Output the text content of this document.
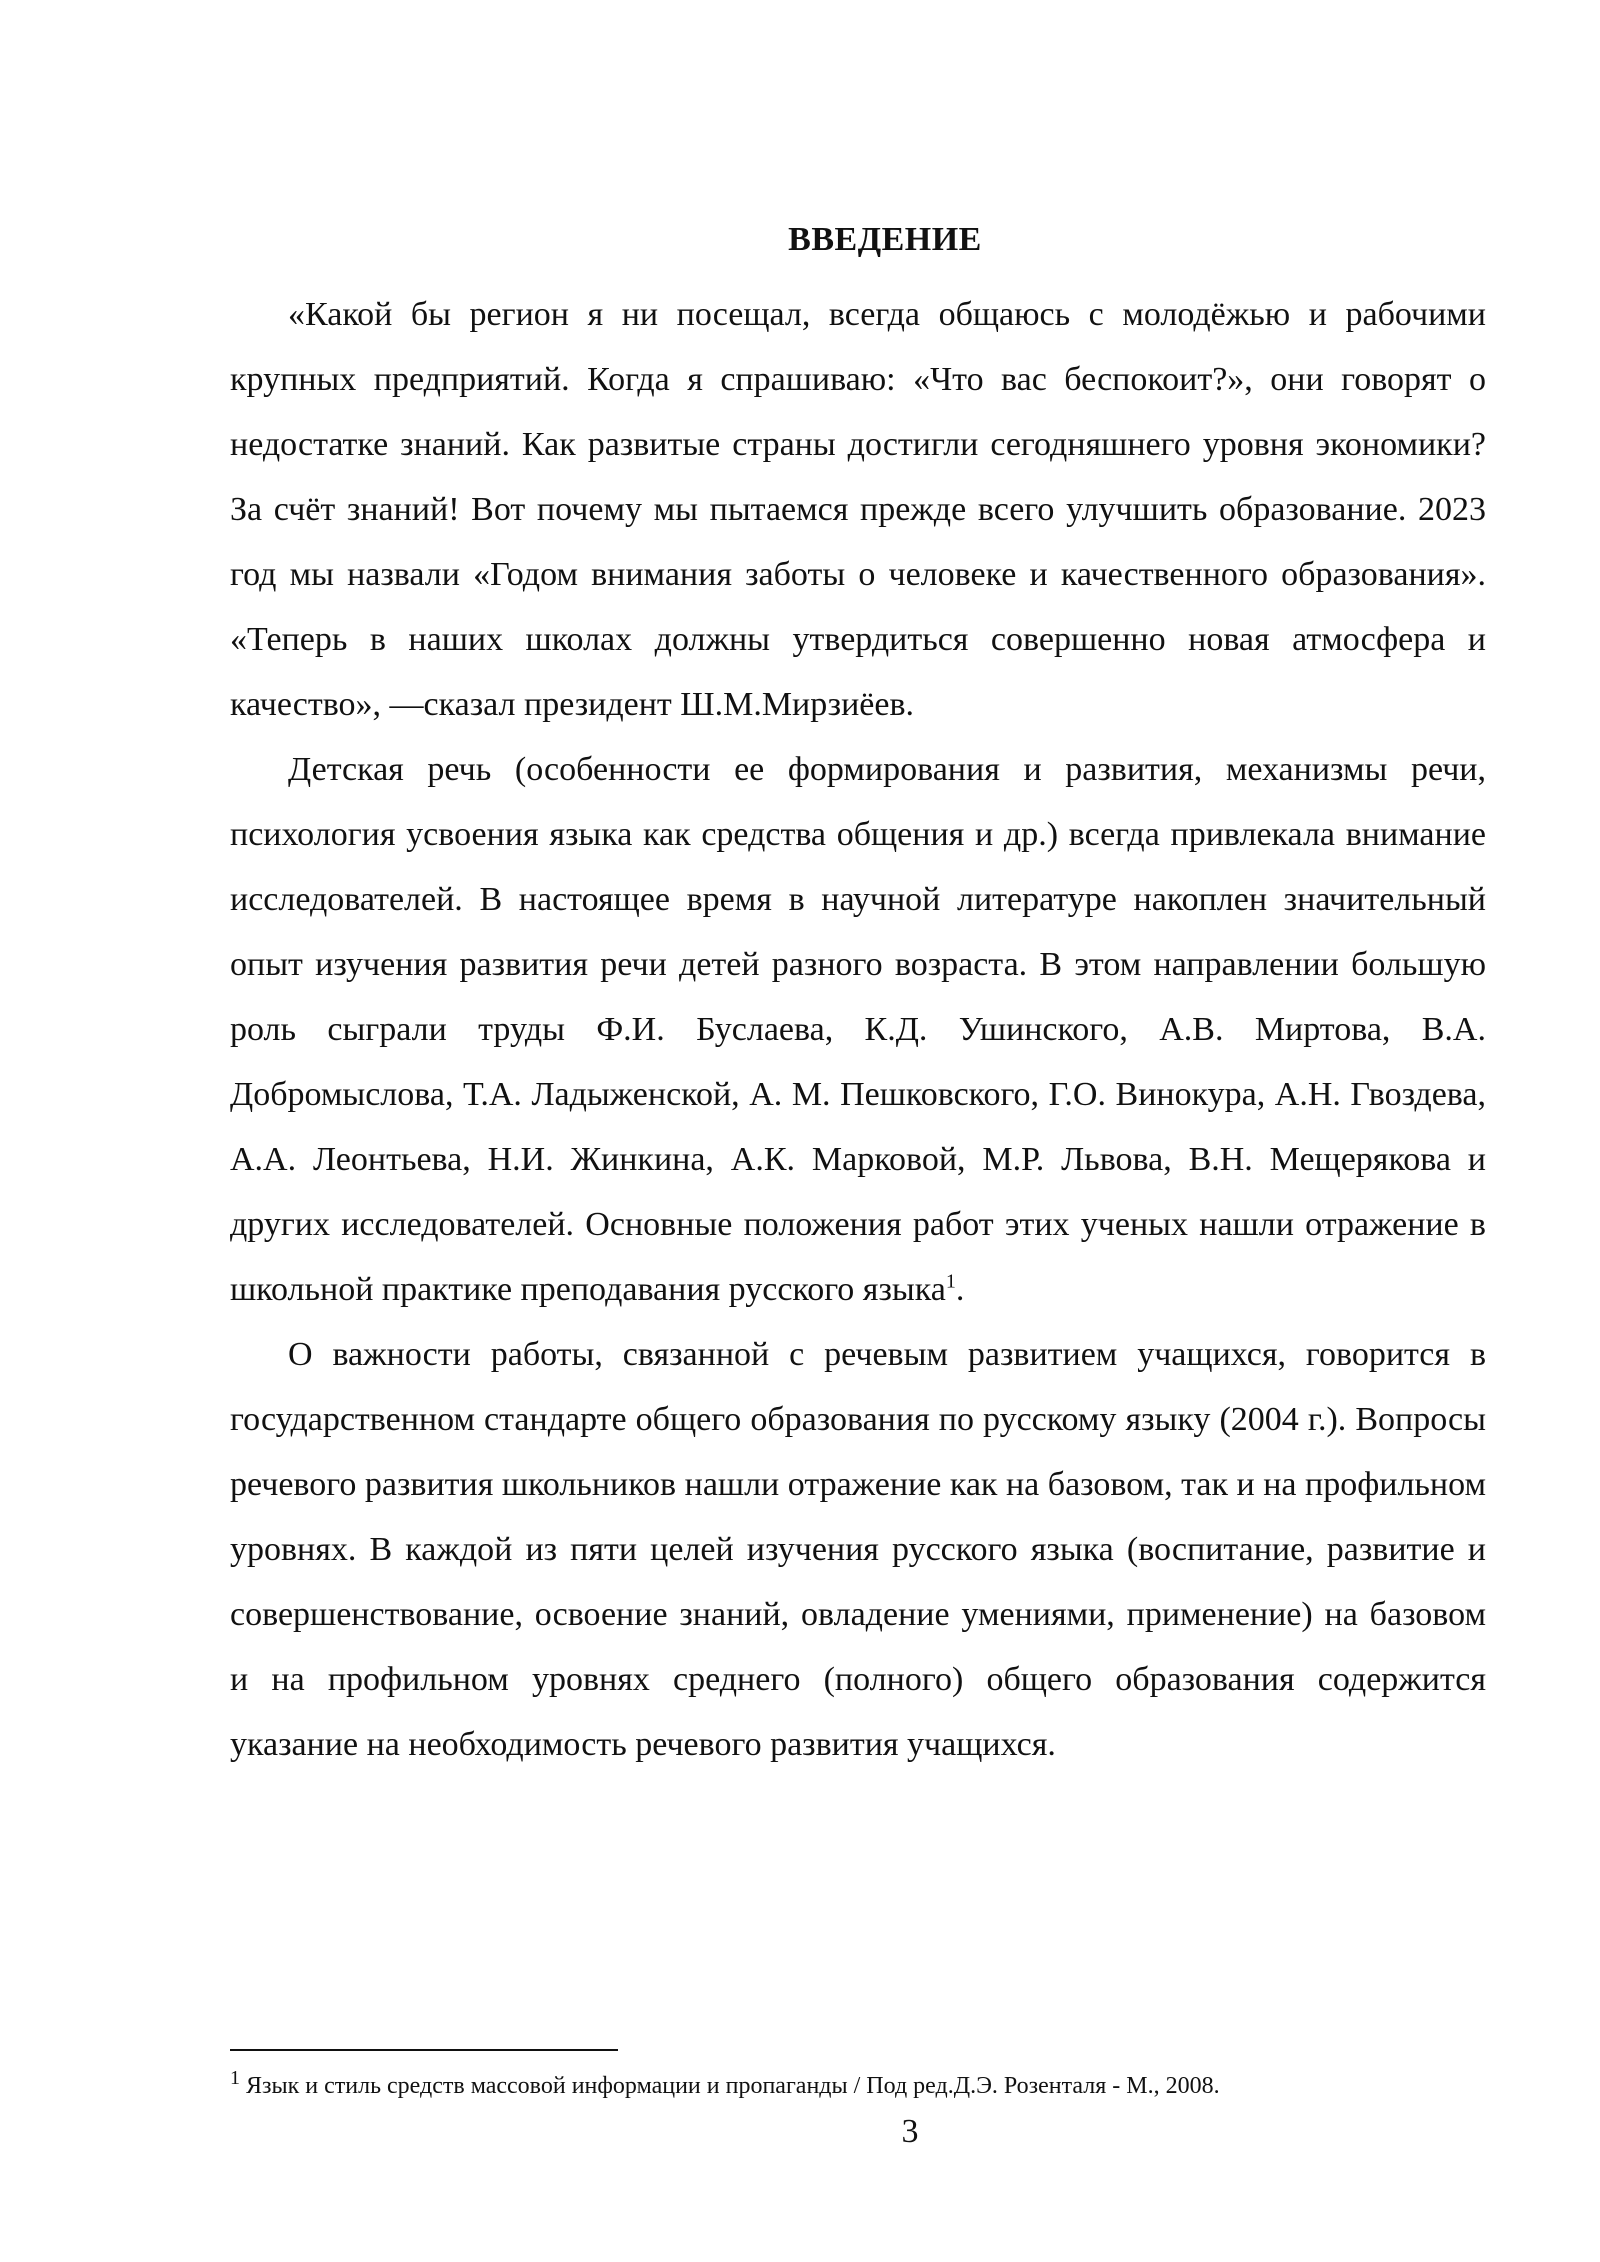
ВВЕДЕНИЕ

«Какой бы регион я ни посещал, всегда общаюсь с молодёжью и рабочими крупных предприятий. Когда я спрашиваю: «Что вас беспокоит?», они говорят о недостатке знаний. Как развитые страны достигли сегодняшнего уровня экономики? За счёт знаний! Вот почему мы пытаемся прежде всего улучшить образование. 2023 год мы назвали «Годом внимания заботы о человеке и качественного образования». «Теперь в наших школах должны утвердиться совершенно новая атмосфера и качество», —сказал президент Ш.М.Мирзиёев.

Детская речь (особенности ее формирования и развития, механизмы речи, психология усвоения языка как средства общения и др.) всегда привлекала внимание исследователей. В настоящее время в научной литературе накоплен значительный опыт изучения развития речи детей разного возраста. В этом направлении большую роль сыграли труды Ф.И. Буслаева, К.Д. Ушинского, А.В. Миртова, В.А. Добромыслова, Т.А. Ладыженской, А. М. Пешковского, Г.О. Винокура, А.Н. Гвоздева, А.А. Леонтьева, Н.И. Жинкина, А.К. Марковой, М.Р. Львова, В.Н. Мещерякова и других исследователей. Основные положения работ этих ученых нашли отражение в школьной практике преподавания русского языка$^1$.

О важности работы, связанной с речевым развитием учащихся, говорится в государственном стандарте общего образования по русскому языку (2004 г.). Вопросы речевого развития школьников нашли отражение как на базовом, так и на профильном уровнях. В каждой из пяти целей изучения русского языка (воспитание, развитие и совершенствование, освоение знаний, овладение умениями, применение) на базовом и на профильном уровнях среднего (полного) общего образования содержится указание на необходимость речевого развития учащихся.

$^1$ Язык и стиль средств массовой информации и пропаганды / Под ред.Д.Э. Розенталя - М., 2008.
3
